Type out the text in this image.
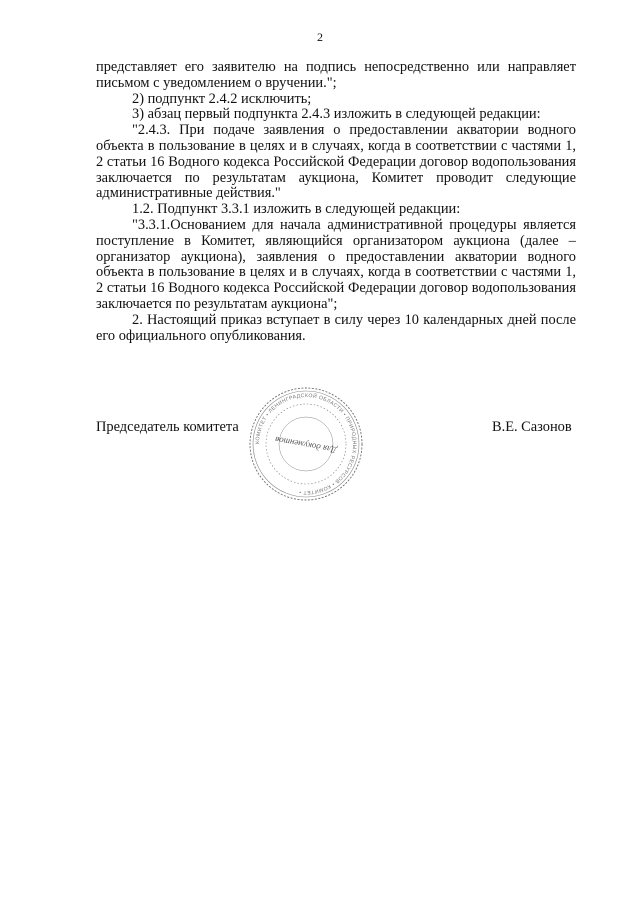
2

представляет его заявителю на подпись непосредственно или направляет письмом с уведомлением о вручении.";

2) подпункт 2.4.2 исключить;

3) абзац первый подпункта 2.4.3 изложить в следующей редакции:

"2.4.3. При подаче заявления о предоставлении акватории водного объекта в пользование в целях и в случаях, когда в соответствии с частями 1, 2 статьи 16 Водного кодекса Российской Федерации договор водопользования заключается по результатам аукциона, Комитет проводит следующие административные действия."

1.2. Подпункт 3.3.1 изложить в следующей редакции:

"3.3.1.Основанием для начала административной процедуры является поступление в Комитет, являющийся организатором аукциона (далее – организатор аукциона), заявления о предоставлении акватории водного объекта в пользование в целях и в случаях, когда в соответствии с частями 1, 2 статьи 16 Водного кодекса Российской Федерации договор водопользования заключается по результатам аукциона";

2. Настоящий приказ вступает в силу через 10 календарных дней после его официального опубликования.

Председатель комитета
КОМИТЕТ • ЛЕНИНГРАДСКОЙ ОБЛАСТИ • ПРИРОДНЫХ РЕСУРСОВ • КОМИТЕТ •
Для документов
В.Е. Сазонов
